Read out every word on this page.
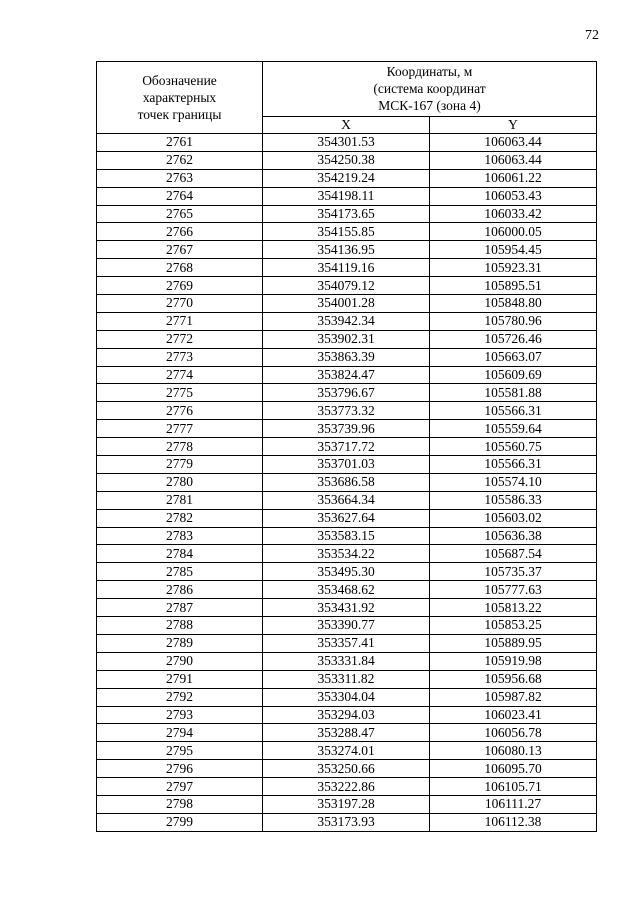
72
Обозначение
характерных
точек границы	Координаты, м
(система координат
МСК-167 (зона 4)	

	X	Y
2761	354301.53	106063.44
2762	354250.38	106063.44
2763	354219.24	106061.22
2764	354198.11	106053.43
2765	354173.65	106033.42
2766	354155.85	106000.05
2767	354136.95	105954.45
2768	354119.16	105923.31
2769	354079.12	105895.51
2770	354001.28	105848.80
2771	353942.34	105780.96
2772	353902.31	105726.46
2773	353863.39	105663.07
2774	353824.47	105609.69
2775	353796.67	105581.88
2776	353773.32	105566.31
2777	353739.96	105559.64
2778	353717.72	105560.75
2779	353701.03	105566.31
2780	353686.58	105574.10
2781	353664.34	105586.33
2782	353627.64	105603.02
2783	353583.15	105636.38
2784	353534.22	105687.54
2785	353495.30	105735.37
2786	353468.62	105777.63
2787	353431.92	105813.22
2788	353390.77	105853.25
2789	353357.41	105889.95
2790	353331.84	105919.98
2791	353311.82	105956.68
2792	353304.04	105987.82
2793	353294.03	106023.41
2794	353288.47	106056.78
2795	353274.01	106080.13
2796	353250.66	106095.70
2797	353222.86	106105.71
2798	353197.28	106111.27
2799	353173.93	106112.38
